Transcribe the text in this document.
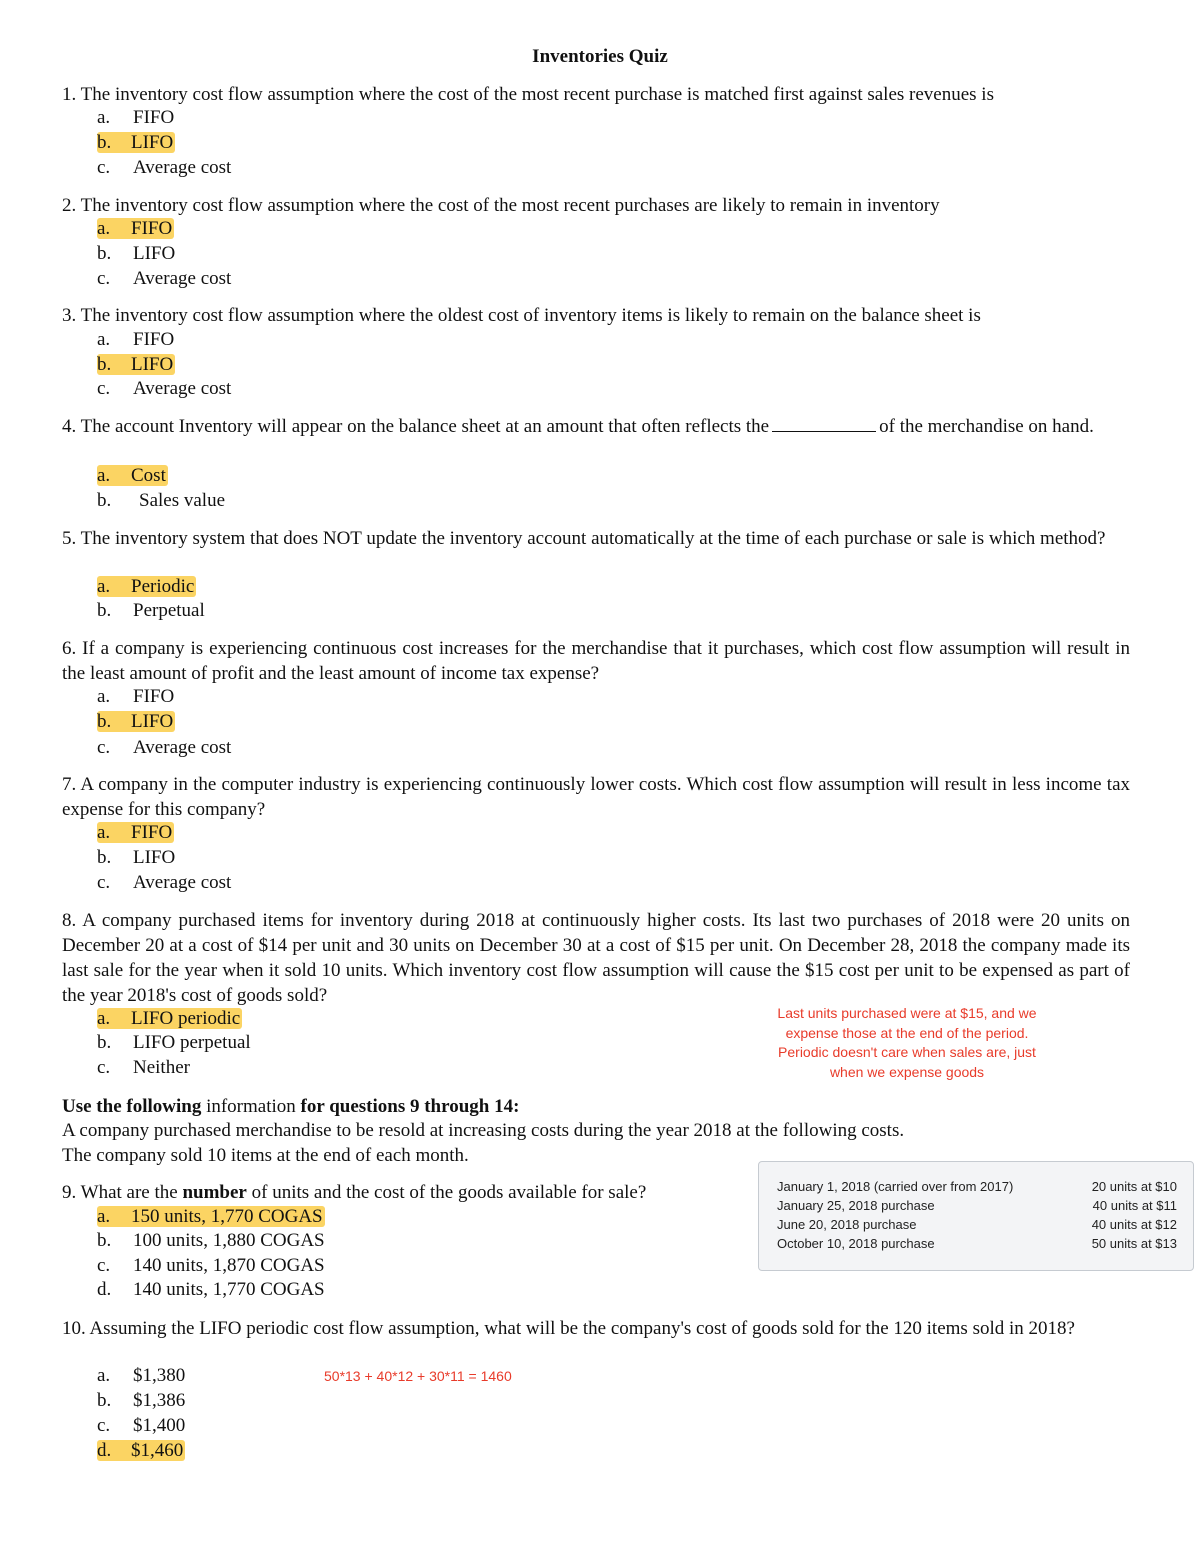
Inventories Quiz
1. The inventory cost flow assumption where the cost of the most recent purchase is matched first against sales revenues is
a. FIFO
b. LIFO
c. Average cost
2. The inventory cost flow assumption where the cost of the most recent purchases are likely to remain in inventory
a. FIFO
b. LIFO
c. Average cost
3. The inventory cost flow assumption where the oldest cost of inventory items is likely to remain on the balance sheet is
a. FIFO
b. LIFO
c. Average cost
4. The account Inventory will appear on the balance sheet at an amount that often reflects the	of the merchandise on hand.
a. Cost
b. Sales value
5. The inventory system that does NOT update the inventory account automatically at the time of each purchase or sale is which method?
a. Periodic
b. Perpetual
6. If a company is experiencing continuous cost increases for the merchandise that it purchases, which cost flow assumption will result in the least amount of profit and the least amount of income tax expense?
a. FIFO
b. LIFO
c. Average cost
7. A company in the computer industry is experiencing continuously lower costs. Which cost flow assumption will result in less income tax expense for this company?
a. FIFO
b. LIFO
c. Average cost
8. A company purchased items for inventory during 2018 at continuously higher costs. Its last two purchases of 2018 were 20 units on December 20 at a cost of $14 per unit and 30 units on December 30 at a cost of $15 per unit. On December 28, 2018 the company made its last sale for the year when it sold 10 units. Which inventory cost flow assumption will cause the $15 cost per unit to be expensed as part of the year 2018's cost of goods sold?
a. LIFO periodic
b. LIFO perpetual
c. Neither
Last units purchased were at $15, and we expense those at the end of the period. Periodic doesn't care when sales are, just when we expense goods
Use the following information for questions 9 through 14:
A company purchased merchandise to be resold at increasing costs during the year 2018 at the following costs.
The company sold 10 items at the end of each month.
January 1, 2018 (carried over from 2017)	20 units at $10
January 25, 2018 purchase	40 units at $11
June 20, 2018 purchase	40 units at $12
October 10, 2018 purchase	50 units at $13
9. What are the number of units and the cost of the goods available for sale?
a. 150 units, 1,770 COGAS
b. 100 units, 1,880 COGAS
c. 140 units, 1,870 COGAS
d. 140 units, 1,770 COGAS
10. Assuming the LIFO periodic cost flow assumption, what will be the company's cost of goods sold for the 120 items sold in 2018?
a. $1,380
b. $1,386
c. $1,400
d. $1,460
50*13 + 40*12 + 30*11 = 1460
